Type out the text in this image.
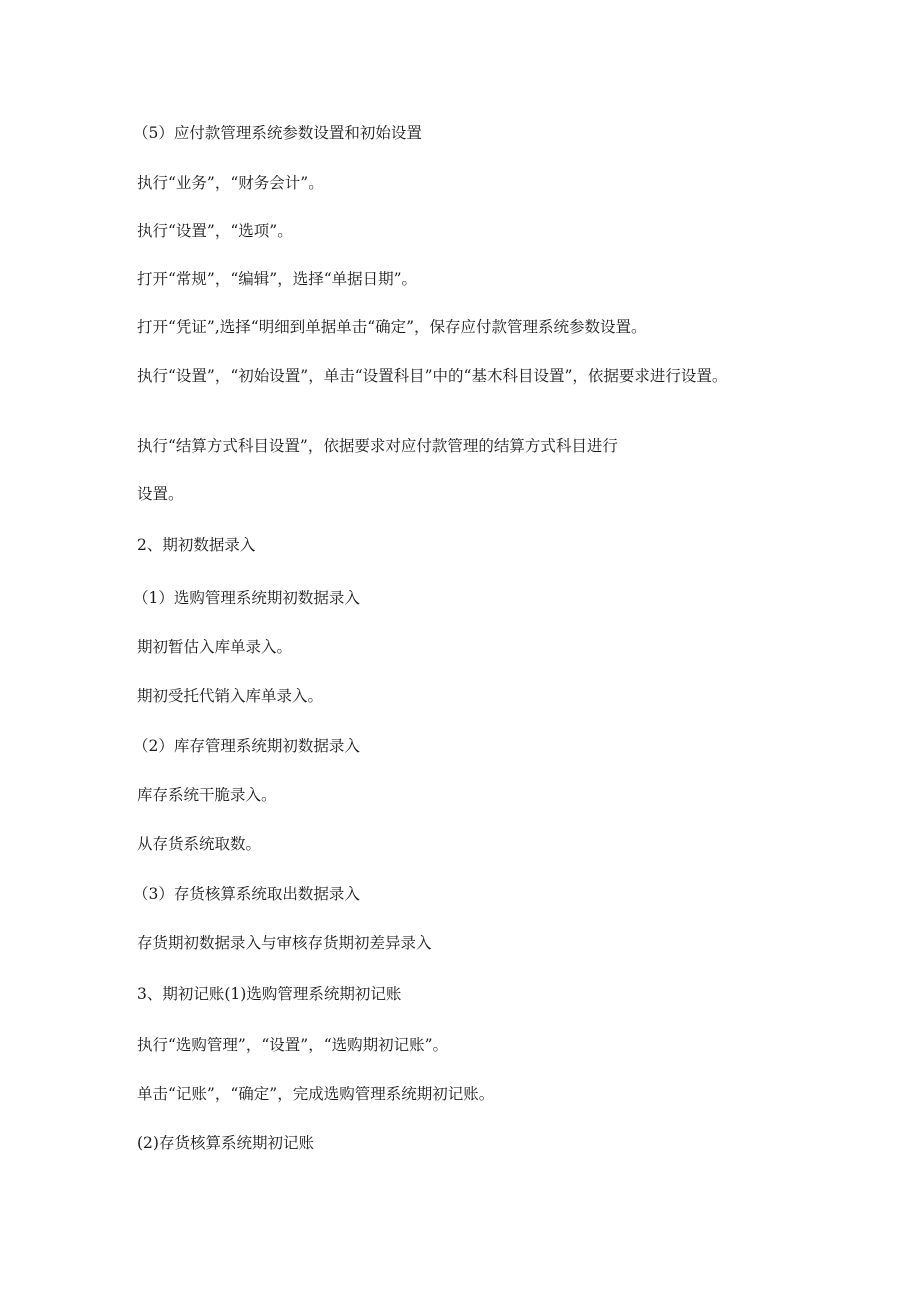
（5）应付款管理系统参数设置和初始设置

执行“业务”，“财务会计”。

执行“设置”，“选项”。

打开“常规”，“编辑”，选择“单据日期”。

打开“凭证”,选择“明细到单据单击“确定”，保存应付款管理系统参数设置。

执行“设置”，“初始设置”，单击“设置科目”中的“基木科目设置”，依据要求进行设置。

执行“结算方式科目设置”，依据要求对应付款管理的结算方式科目进行

设置。

2、期初数据录入

（1）选购管理系统期初数据录入

期初暂估入库单录入。

期初受托代销入库单录入。

（2）库存管理系统期初数据录入

库存系统干脆录入。

从存货系统取数。

（3）存货核算系统取出数据录入

存货期初数据录入与审核存货期初差异录入

3、期初记账(1)选购管理系统期初记账

执行“选购管理”，“设置”，“选购期初记账”。

单击“记账”，“确定”，完成选购管理系统期初记账。

(2)存货核算系统期初记账
